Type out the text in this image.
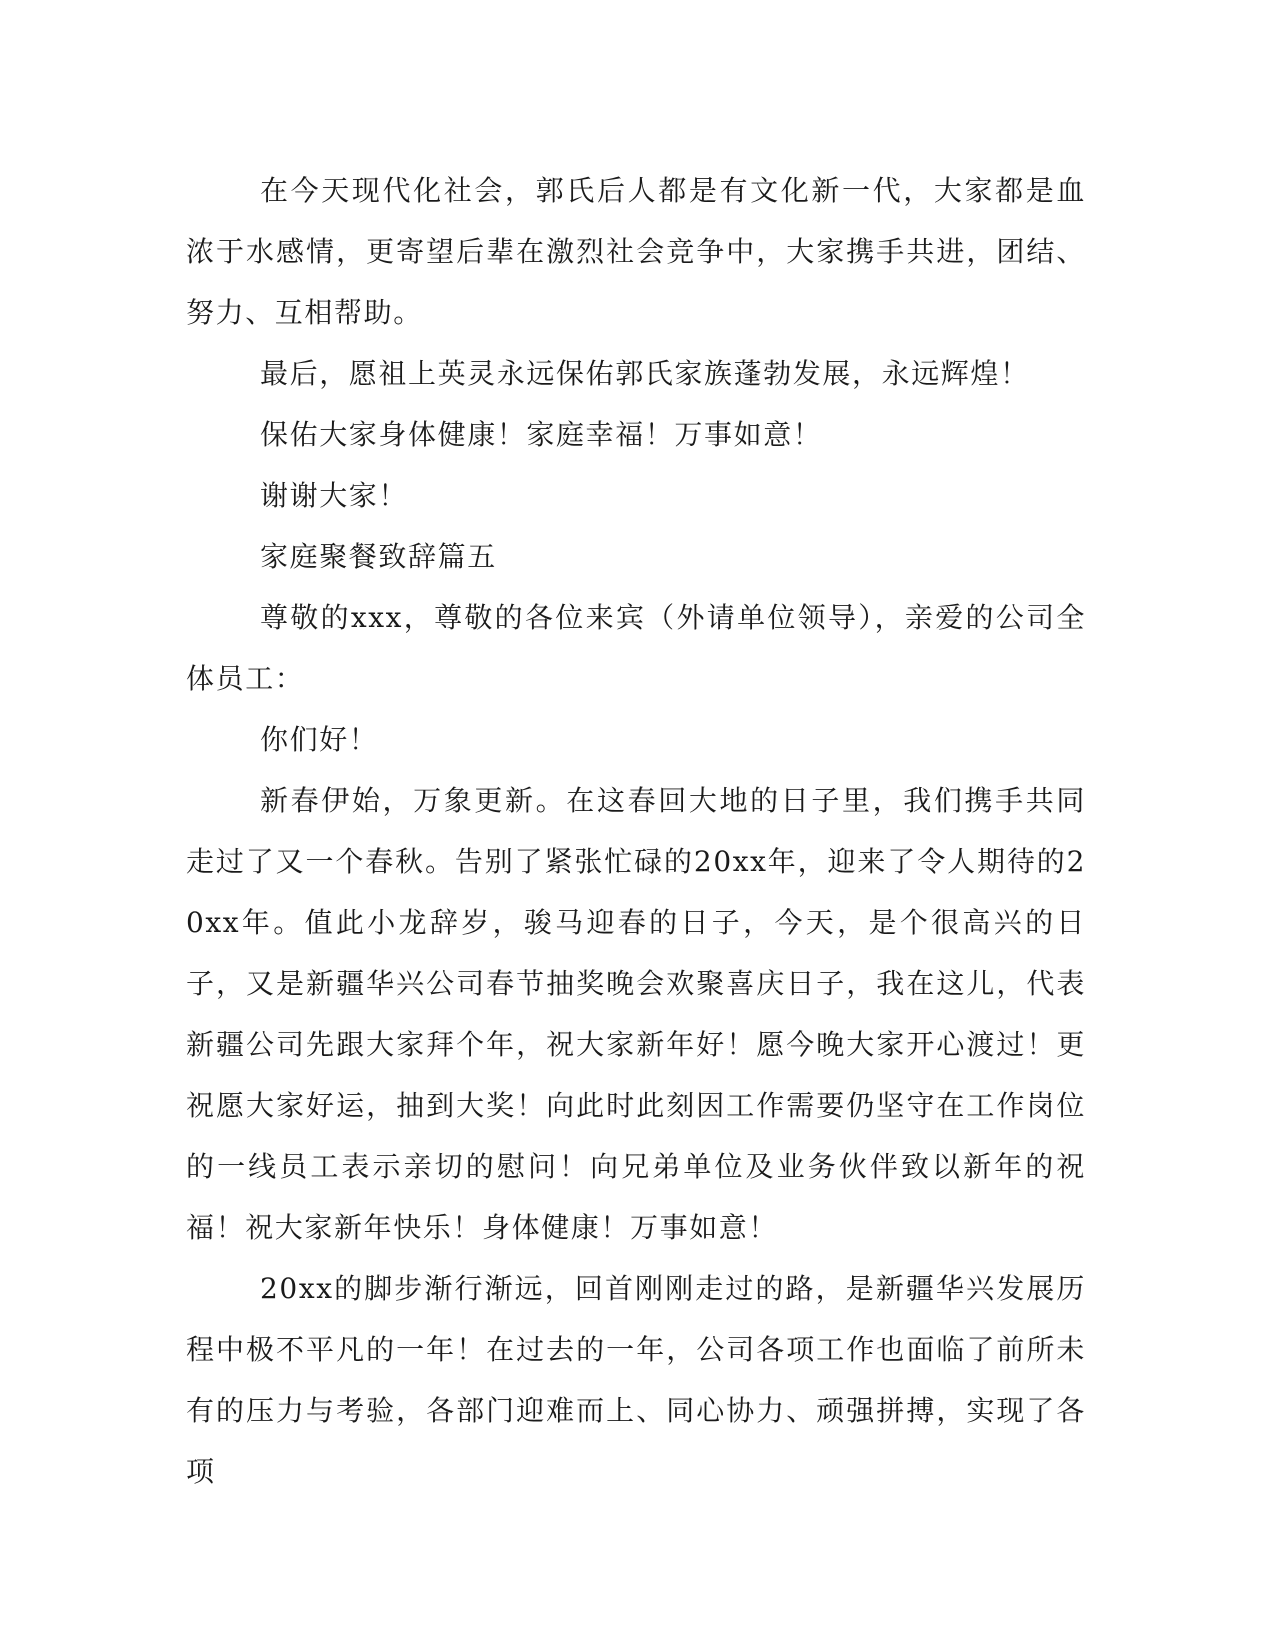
在今天现代化社会，郭氏后人都是有文化新一代，大家都是血浓于水感情，更寄望后辈在激烈社会竞争中，大家携手共进，团结、努力、互相帮助。

最后，愿祖上英灵永远保佑郭氏家族蓬勃发展，永远辉煌！

保佑大家身体健康！家庭幸福！万事如意！

谢谢大家！

家庭聚餐致辞篇五

尊敬的xxx，尊敬的各位来宾（外请单位领导），亲爱的公司全体员工：

你们好！

新春伊始，万象更新。在这春回大地的日子里，我们携手共同走过了又一个春秋。告别了紧张忙碌的20xx年，迎来了令人期待的20xx年。值此小龙辞岁，骏马迎春的日子，今天，是个很高兴的日子，又是新疆华兴公司春节抽奖晚会欢聚喜庆日子，我在这儿，代表新疆公司先跟大家拜个年，祝大家新年好！愿今晚大家开心渡过！更祝愿大家好运，抽到大奖！向此时此刻因工作需要仍坚守在工作岗位的一线员工表示亲切的慰问！向兄弟单位及业务伙伴致以新年的祝福！祝大家新年快乐！身体健康！万事如意！

20xx的脚步渐行渐远，回首刚刚走过的路，是新疆华兴发展历程中极不平凡的一年！在过去的一年，公司各项工作也面临了前所未有的压力与考验，各部门迎难而上、同心协力、顽强拼搏，实现了各项
